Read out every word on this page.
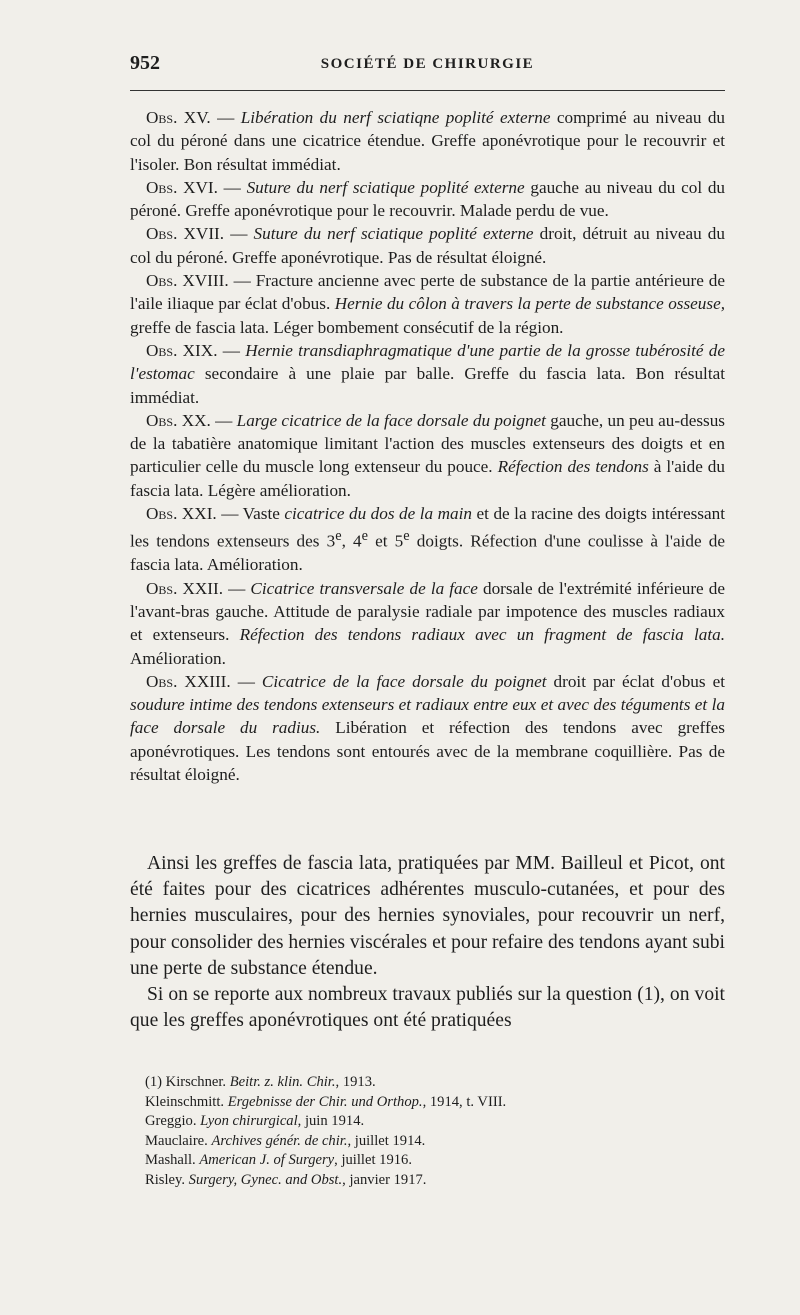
952	SOCIÉTÉ DE CHIRURGIE

Obs. XV. — Libération du nerf sciatiqne poplité externe comprimé au niveau du col du péroné dans une cicatrice étendue. Greffe aponévrotique pour le recouvrir et l'isoler. Bon résultat immédiat.

Obs. XVI. — Suture du nerf sciatique poplité externe gauche au niveau du col du péroné. Greffe aponévrotique pour le recouvrir. Malade perdu de vue.

Obs. XVII. — Suture du nerf sciatique poplité externe droit, détruit au niveau du col du péroné. Greffe aponévrotique. Pas de résultat éloigné.

Obs. XVIII. — Fracture ancienne avec perte de substance de la partie antérieure de l'aile iliaque par éclat d'obus. Hernie du côlon à travers la perte de substance osseuse, greffe de fascia lata. Léger bombement consécutif de la région.

Obs. XIX. — Hernie transdiaphragmatique d'une partie de la grosse tubérosité de l'estomac secondaire à une plaie par balle. Greffe du fascia lata. Bon résultat immédiat.

Obs. XX. — Large cicatrice de la face dorsale du poignet gauche, un peu au-dessus de la tabatière anatomique limitant l'action des muscles extenseurs des doigts et en particulier celle du muscle long extenseur du pouce. Réfection des tendons à l'aide du fascia lata. Légère amélioration.

Obs. XXI. — Vaste cicatrice du dos de la main et de la racine des doigts intéressant les tendons extenseurs des 3e, 4e et 5e doigts. Réfection d'une coulisse à l'aide de fascia lata. Amélioration.

Obs. XXII. — Cicatrice transversale de la face dorsale de l'extrémité inférieure de l'avant-bras gauche. Attitude de paralysie radiale par impotence des muscles radiaux et extenseurs. Réfection des tendons radiaux avec un fragment de fascia lata. Amélioration.

Obs. XXIII. — Cicatrice de la face dorsale du poignet droit par éclat d'obus et soudure intime des tendons extenseurs et radiaux entre eux et avec des téguments et la face dorsale du radius. Libération et réfection des tendons avec greffes aponévrotiques. Les tendons sont entourés avec de la membrane coquillière. Pas de résultat éloigné.

Ainsi les greffes de fascia lata, pratiquées par MM. Bailleul et Picot, ont été faites pour des cicatrices adhérentes musculo-cutanées, et pour des hernies musculaires, pour des hernies synoviales, pour recouvrir un nerf, pour consolider des hernies viscérales et pour refaire des tendons ayant subi une perte de substance étendue.

Si on se reporte aux nombreux travaux publiés sur la question (1), on voit que les greffes aponévrotiques ont été pratiquées

(1) Kirschner. Beitr. z. klin. Chir., 1913.

Kleinschmitt. Ergebnisse der Chir. und Orthop., 1914, t. VIII.

Greggio. Lyon chirurgical, juin 1914.

Mauclaire. Archives génér. de chir., juillet 1914.

Mashall. American J. of Surgery, juillet 1916.

Risley. Surgery, Gynec. and Obst., janvier 1917.
